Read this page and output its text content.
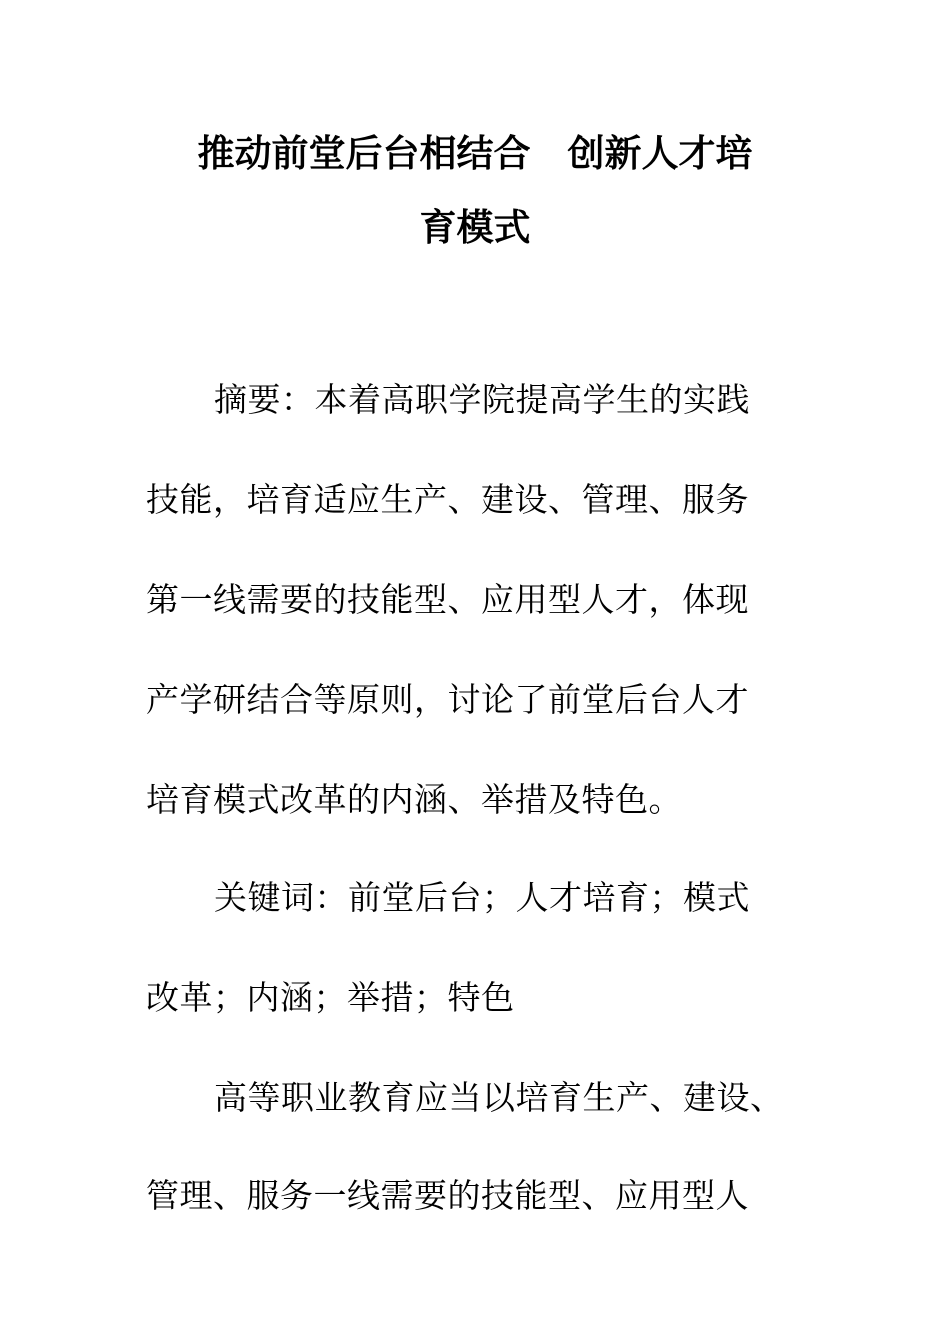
推动前堂后台相结合　创新人才培
育模式
摘要：本着高职学院提高学生的实践
技能，培育适应生产、建设、管理、服务
第一线需要的技能型、应用型人才，体现
产学研结合等原则，讨论了前堂后台人才
培育模式改革的内涵、举措及特色。
关键词：前堂后台；人才培育；模式
改革；内涵；举措；特色
高等职业教育应当以培育生产、建设、
管理、服务一线需要的技能型、应用型人
